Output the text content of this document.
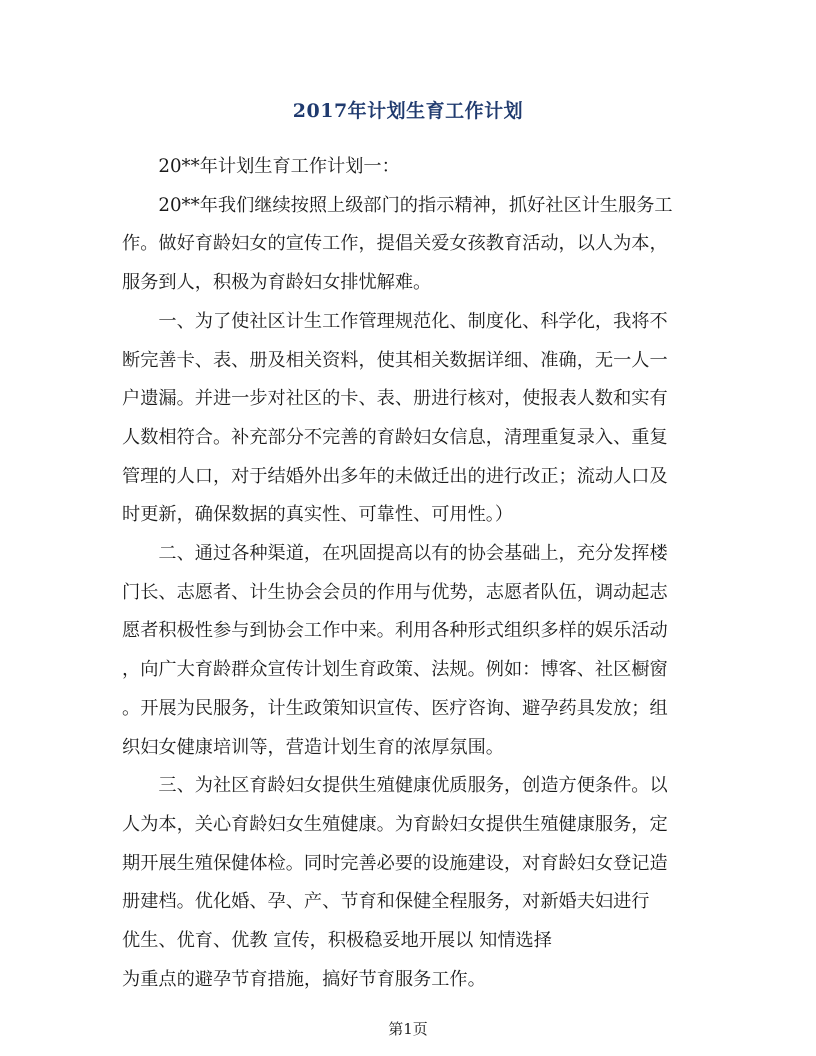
2017年计划生育工作计划

20**年计划生育工作计划一：

20**年我们继续按照上级部门的指示精神，抓好社区计生服务工
作。做好育龄妇女的宣传工作，提倡关爱女孩教育活动，以人为本，
服务到人，积极为育龄妇女排忧解难。

一、为了使社区计生工作管理规范化、制度化、科学化，我将不
断完善卡、表、册及相关资料，使其相关数据详细、准确，无一人一
户遗漏。并进一步对社区的卡、表、册进行核对，使报表人数和实有
人数相符合。补充部分不完善的育龄妇女信息，清理重复录入、重复
管理的人口，对于结婚外出多年的未做迁出的进行改正；流动人口及
时更新，确保数据的真实性、可靠性、可用性。）

二、通过各种渠道，在巩固提高以有的协会基础上，充分发挥楼
门长、志愿者、计生协会会员的作用与优势，志愿者队伍，调动起志
愿者积极性参与到协会工作中来。利用各种形式组织多样的娱乐活动
，向广大育龄群众宣传计划生育政策、法规。例如：博客、社区橱窗
。开展为民服务，计生政策知识宣传、医疗咨询、避孕药具发放；组
织妇女健康培训等，营造计划生育的浓厚氛围。

三、为社区育龄妇女提供生殖健康优质服务，创造方便条件。以
人为本，关心育龄妇女生殖健康。为育龄妇女提供生殖健康服务，定
期开展生殖保健体检。同时完善必要的设施建设，对育龄妇女登记造
册建档。优化婚、孕、产、节育和保健全程服务，对新婚夫妇进行
优生、优育、优教 宣传，积极稳妥地开展以 知情选择
为重点的避孕节育措施，搞好节育服务工作。

第1页
